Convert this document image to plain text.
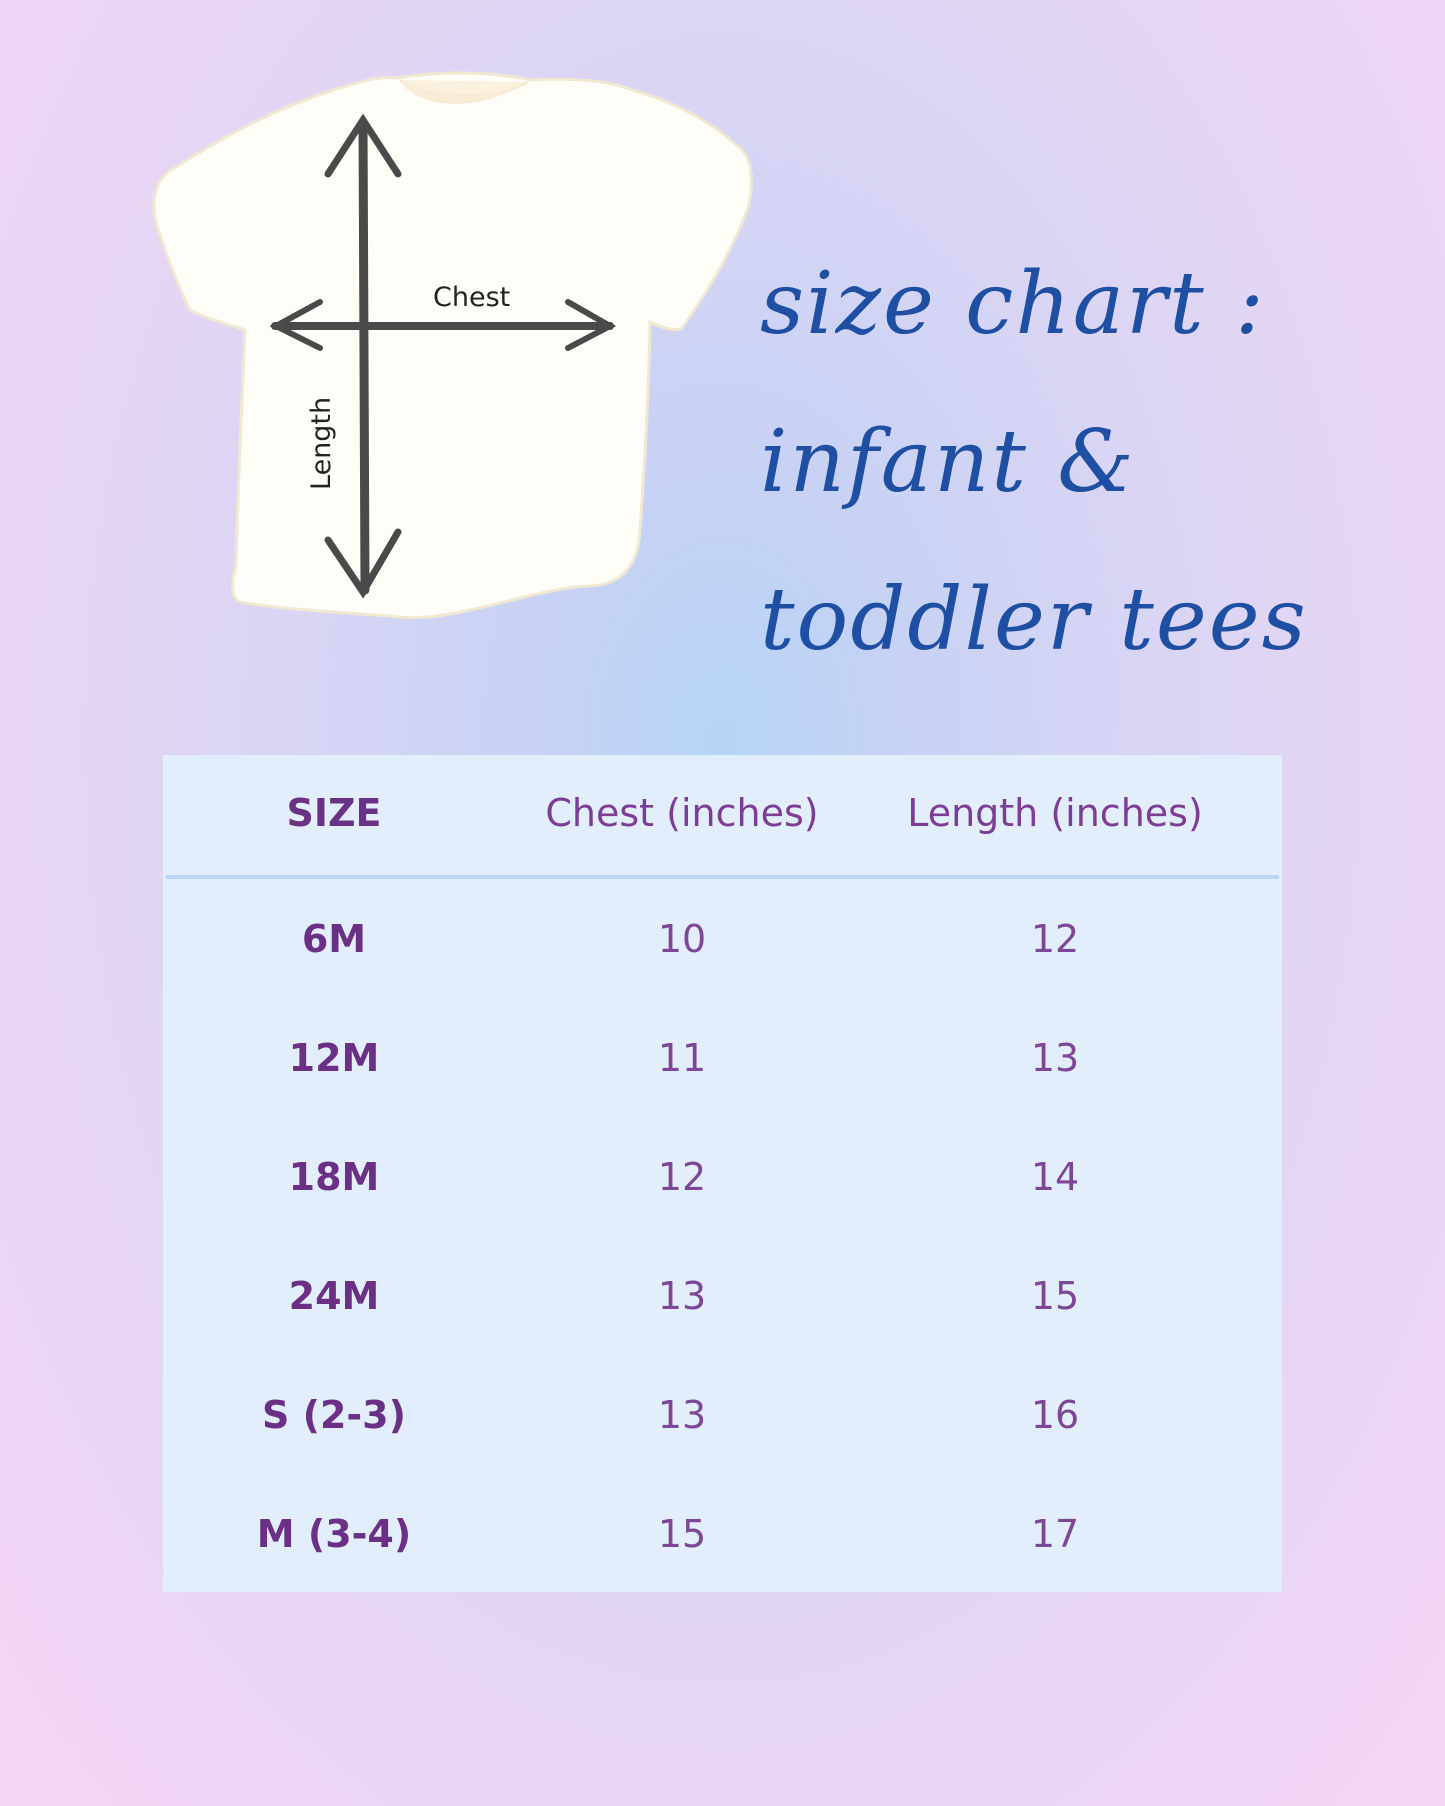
Chest
Length
size chart :
infant &
toddler tees
SIZE	Chest (inches)	Length (inches)
6M	10	12
12M	11	13
18M	12	14
24M	13	15
S (2-3)	13	16
M (3-4)	15	17
